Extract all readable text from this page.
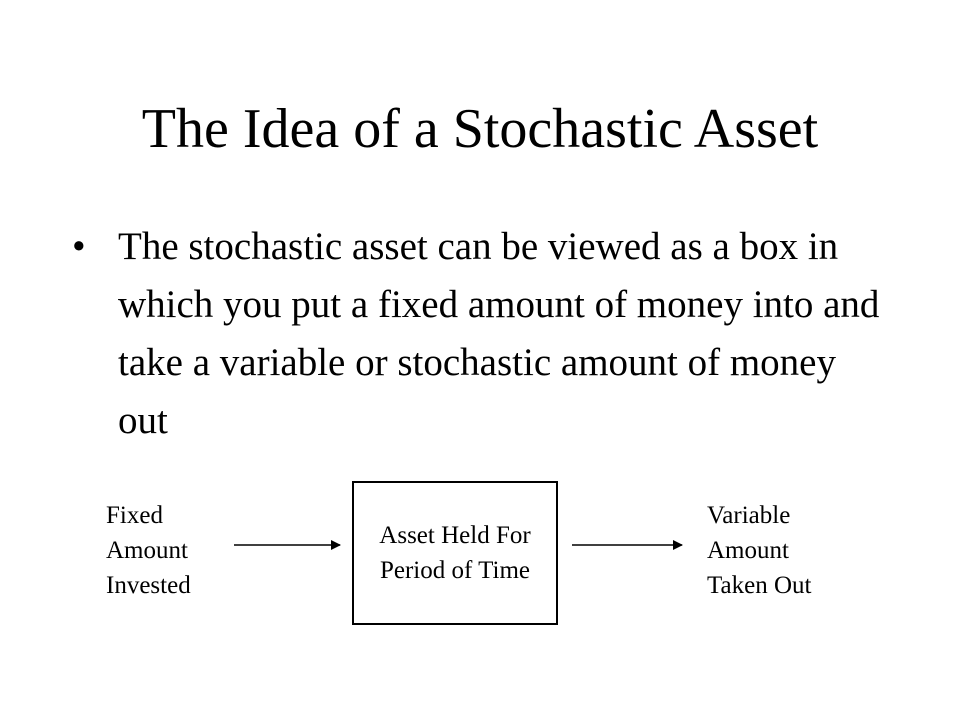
The Idea of a Stochastic Asset
• The stochastic asset can be viewed as a box in which you put a fixed amount of money into and take a variable or stochastic amount of money out
Fixed
Amount
Invested
Asset Held For
Period of Time
Variable
Amount
Taken Out
